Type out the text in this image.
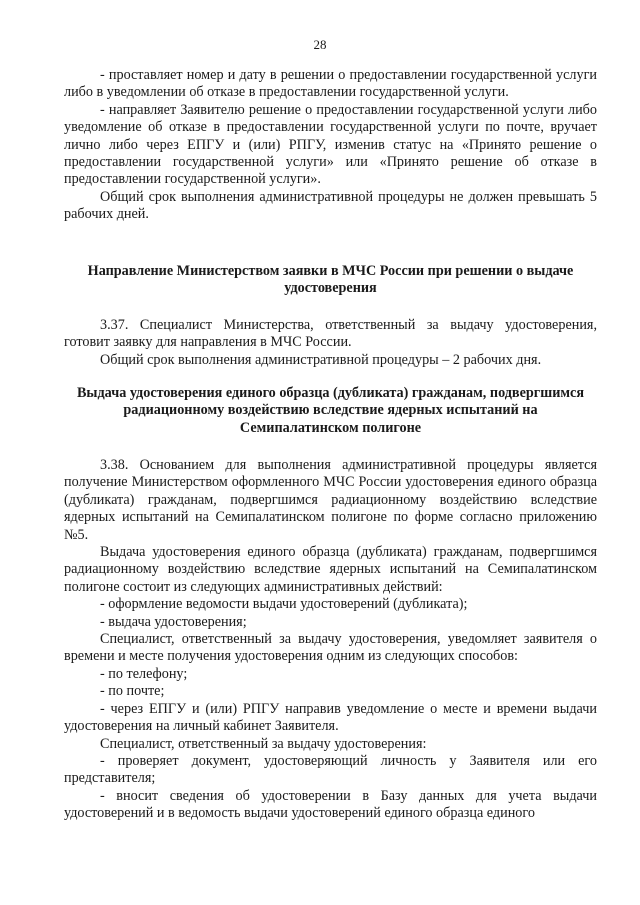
28

- проставляет номер и дату в решении о предоставлении государственной услуги либо в уведомлении об отказе в предоставлении государственной услуги.

- направляет Заявителю решение о предоставлении государственной услуги либо уведомление об отказе в предоставлении государственной услуги по почте, вручает лично либо через ЕПГУ и (или) РПГУ, изменив статус на «Принято решение о предоставлении государственной услуги» или «Принято решение об отказе в предоставлении государственной услуги».

Общий срок выполнения административной процедуры не должен превышать 5 рабочих дней.

Направление Министерством заявки в МЧС России при решении о выдаче удостоверения

3.37. Специалист Министерства, ответственный за выдачу удостоверения, готовит заявку для направления в МЧС России.

Общий срок выполнения административной процедуры – 2 рабочих дня.

Выдача удостоверения единого образца (дубликата) гражданам, подвергшимся радиационному воздействию вследствие ядерных испытаний на Семипалатинском полигоне

3.38. Основанием для выполнения административной процедуры является получение Министерством оформленного МЧС России удостоверения единого образца (дубликата) гражданам, подвергшимся радиационному воздействию вследствие ядерных испытаний на Семипалатинском полигоне по форме согласно приложению №5.

Выдача удостоверения единого образца (дубликата) гражданам, подвергшимся радиационному воздействию вследствие ядерных испытаний на Семипалатинском полигоне состоит из следующих административных действий:

- оформление ведомости выдачи удостоверений (дубликата);

- выдача удостоверения;

Специалист, ответственный за выдачу удостоверения, уведомляет заявителя о времени и месте получения удостоверения одним из следующих способов:

- по телефону;

- по почте;

- через ЕПГУ и (или) РПГУ направив уведомление о месте и времени выдачи удостоверения на личный кабинет Заявителя.

Специалист, ответственный за выдачу удостоверения:

- проверяет документ, удостоверяющий личность у Заявителя или его представителя;

- вносит сведения об удостоверении в Базу данных для учета выдачи удостоверений и в ведомость выдачи удостоверений единого образца единого
